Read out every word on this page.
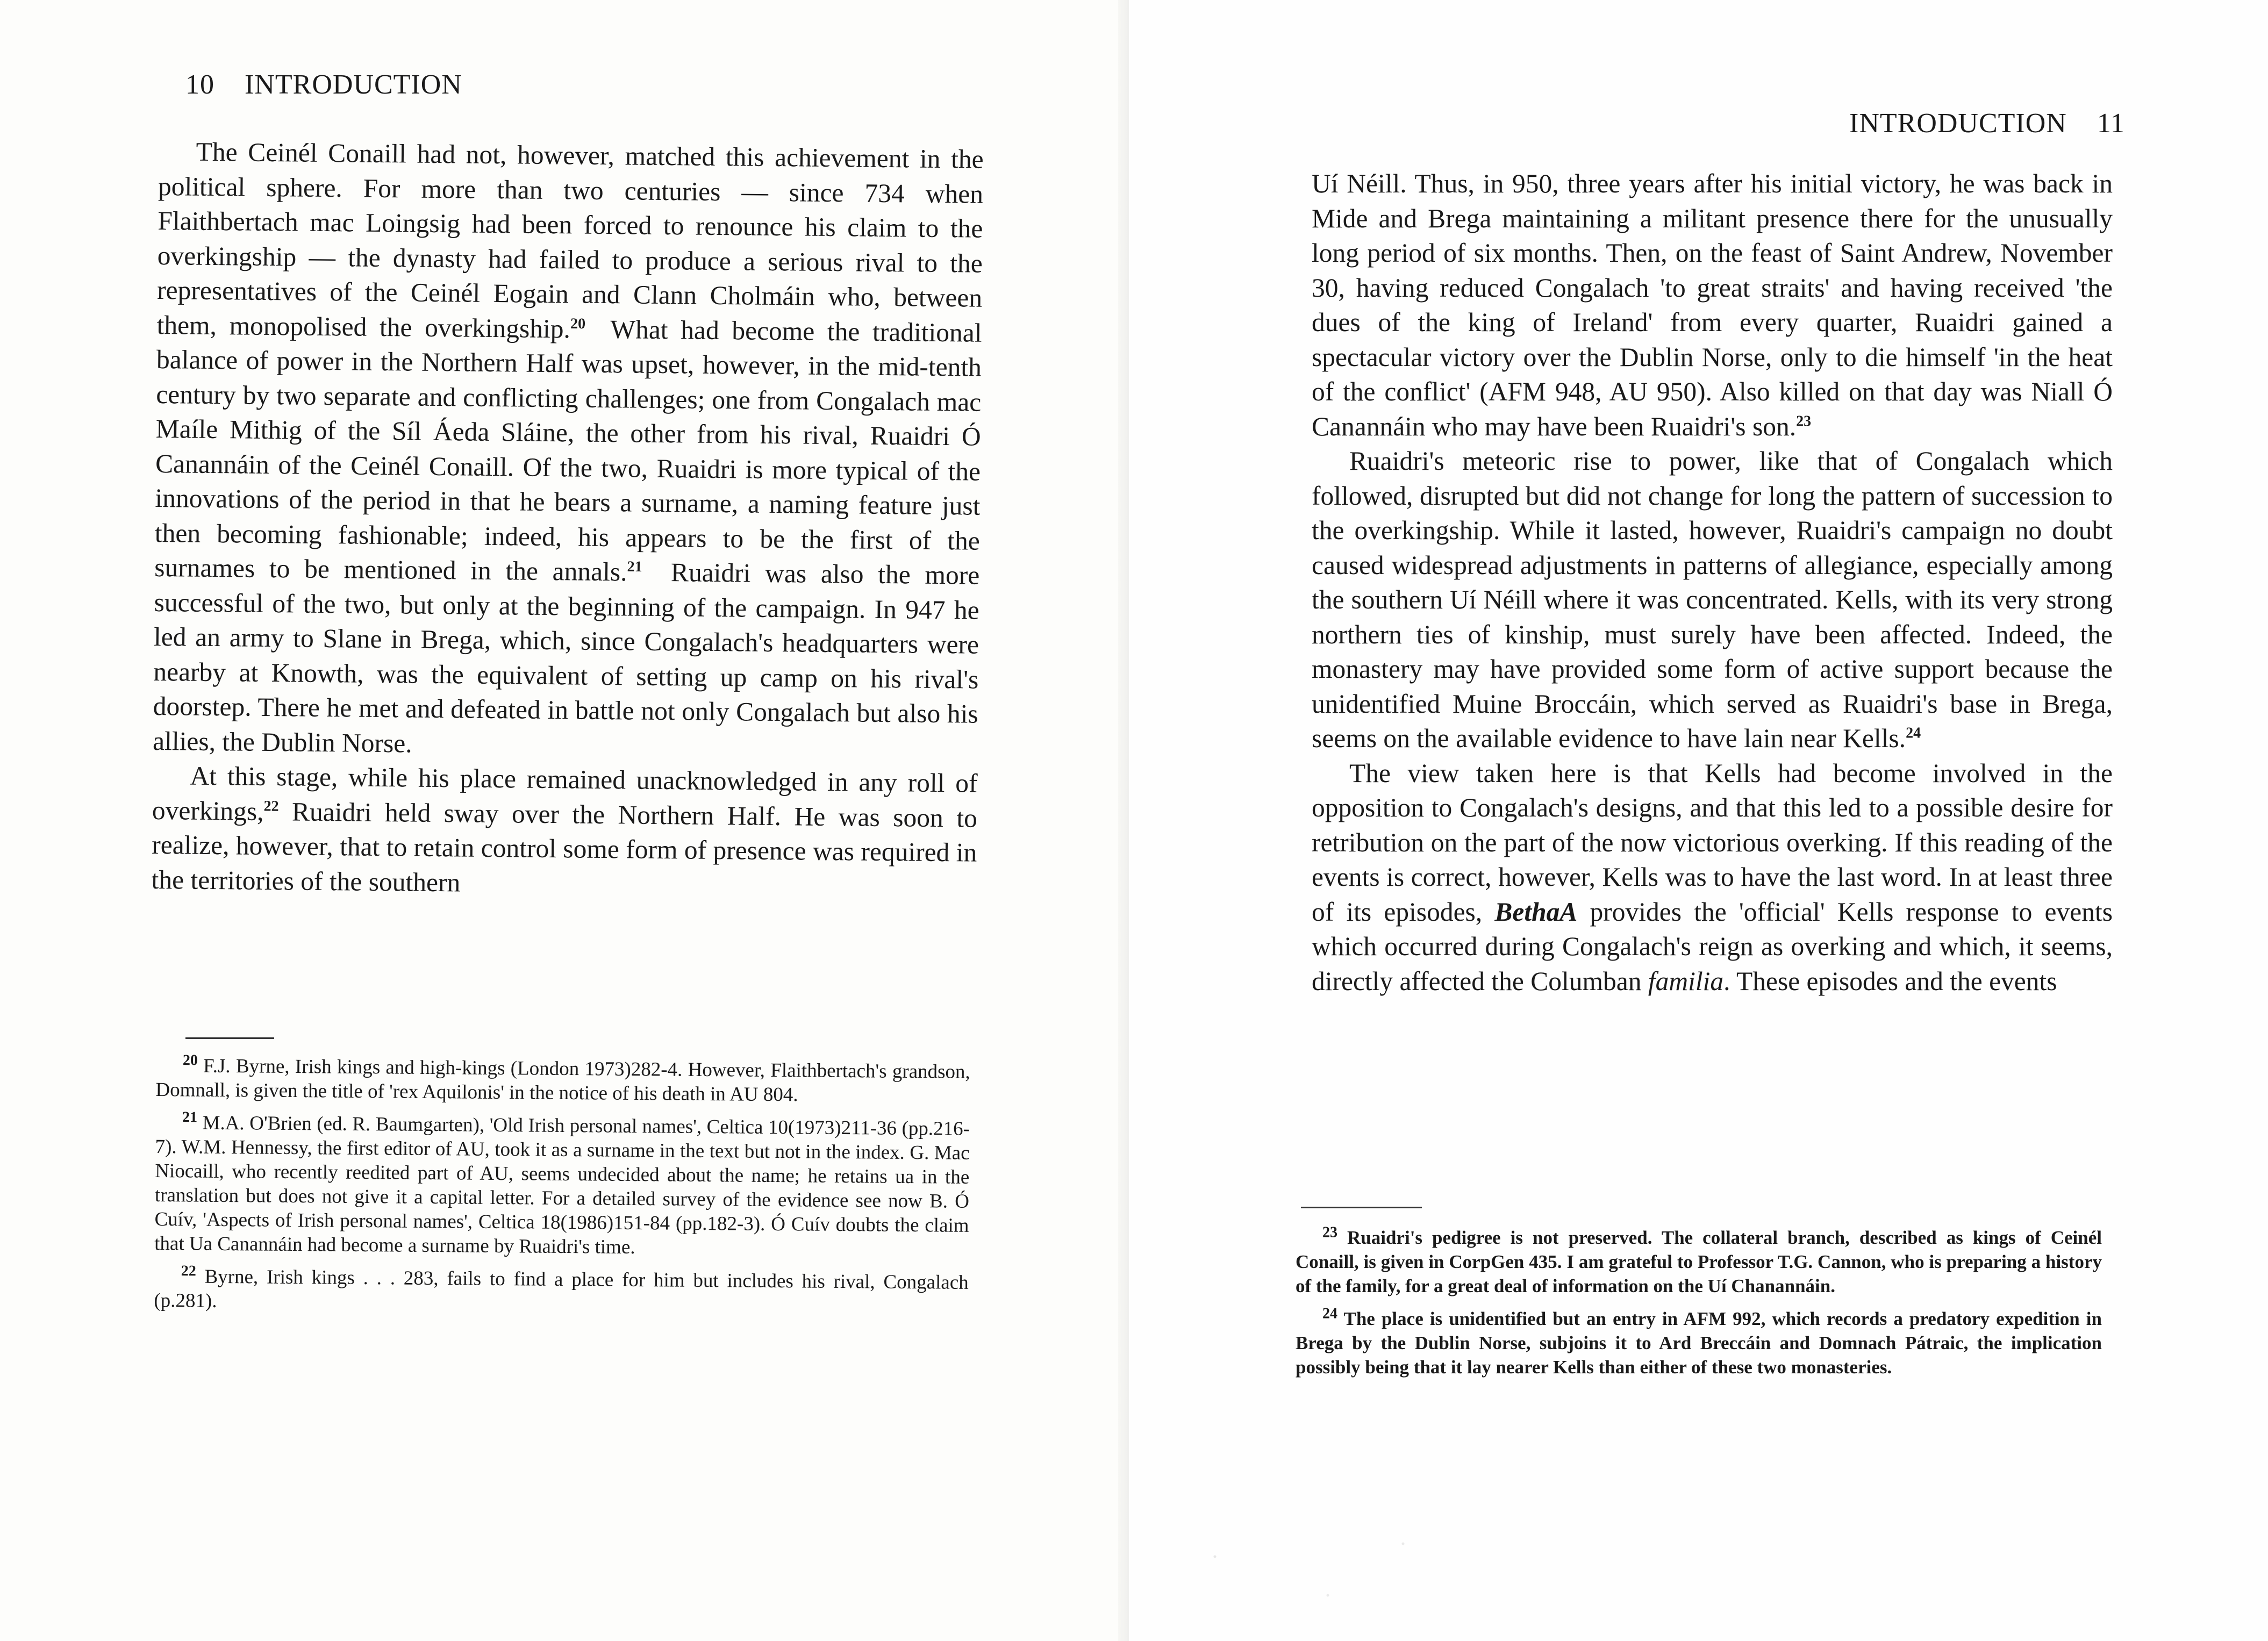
10 INTRODUCTION

The Ceinél Conaill had not, however, matched this achievement in the political sphere. For more than two centuries — since 734 when Flaithbertach mac Loingsig had been forced to renounce his claim to the overkingship — the dynasty had failed to produce a serious rival to the representatives of the Ceinél Eogain and Clann Cholmáin who, between them, monopolised the overkingship.$^{20}$ What had become the traditional balance of power in the Northern Half was upset, however, in the mid-tenth century by two separate and conflicting challenges; one from Congalach mac Maíle Mithig of the Síl Áeda Sláine, the other from his rival, Ruaidri Ó Canannáin of the Ceinél Conaill. Of the two, Ruaidri is more typical of the innovations of the period in that he bears a surname, a naming feature just then becoming fashionable; indeed, his appears to be the first of the surnames to be mentioned in the annals.$^{21}$ Ruaidri was also the more successful of the two, but only at the beginning of the campaign. In 947 he led an army to Slane in Brega, which, since Congalach's headquarters were nearby at Knowth, was the equivalent of setting up camp on his rival's doorstep. There he met and defeated in battle not only Congalach but also his allies, the Dublin Norse.

At this stage, while his place remained unacknowledged in any roll of overkings,$^{22}$ Ruaidri held sway over the Northern Half. He was soon to realize, however, that to retain control some form of presence was required in the territories of the southern

$^{20}$ F.J. Byrne, Irish kings and high-kings (London 1973)282-4. However, Flaithbertach's grandson, Domnall, is given the title of 'rex Aquilonis' in the notice of his death in AU 804.

$^{21}$ M.A. O'Brien (ed. R. Baumgarten), 'Old Irish personal names', Celtica 10(1973)211-36 (pp.216-7). W.M. Hennessy, the first editor of AU, took it as a surname in the text but not in the index. G. Mac Niocaill, who recently reedited part of AU, seems undecided about the name; he retains ua in the translation but does not give it a capital letter. For a detailed survey of the evidence see now B. Ó Cuív, 'Aspects of Irish personal names', Celtica 18(1986)151-84 (pp.182-3). Ó Cuív doubts the claim that Ua Canannáin had become a surname by Ruaidri's time.

$^{22}$ Byrne, Irish kings . . . 283, fails to find a place for him but includes his rival, Congalach (p.281).

INTRODUCTION 11

Uí Néill. Thus, in 950, three years after his initial victory, he was back in Mide and Brega maintaining a militant presence there for the unusually long period of six months. Then, on the feast of Saint Andrew, November 30, having reduced Congalach 'to great straits' and having received 'the dues of the king of Ireland' from every quarter, Ruaidri gained a spectacular victory over the Dublin Norse, only to die himself 'in the heat of the conflict' (AFM 948, AU 950). Also killed on that day was Niall Ó Canannáin who may have been Ruaidri's son.$^{23}$

Ruaidri's meteoric rise to power, like that of Congalach which followed, disrupted but did not change for long the pattern of succession to the overkingship. While it lasted, however, Ruaidri's campaign no doubt caused widespread adjustments in patterns of allegiance, especially among the southern Uí Néill where it was concentrated. Kells, with its very strong northern ties of kinship, must surely have been affected. Indeed, the monastery may have provided some form of active support because the unidentified Muine Broccáin, which served as Ruaidri's base in Brega, seems on the available evidence to have lain near Kells.$^{24}$

The view taken here is that Kells had become involved in the opposition to Congalach's designs, and that this led to a possible desire for retribution on the part of the now victorious overking. If this reading of the events is correct, however, Kells was to have the last word. In at least three of its episodes, BethaA provides the 'official' Kells response to events which occurred during Congalach's reign as overking and which, it seems, directly affected the Columban familia. These episodes and the events

$^{23}$ Ruaidri's pedigree is not preserved. The collateral branch, described as kings of Ceinél Conaill, is given in CorpGen 435. I am grateful to Professor T.G. Cannon, who is preparing a history of the family, for a great deal of information on the Uí Chanannáin.

$^{24}$ The place is unidentified but an entry in AFM 992, which records a predatory expedition in Brega by the Dublin Norse, subjoins it to Ard Breccáin and Domnach Pátraic, the implication possibly being that it lay nearer Kells than either of these two monasteries.
